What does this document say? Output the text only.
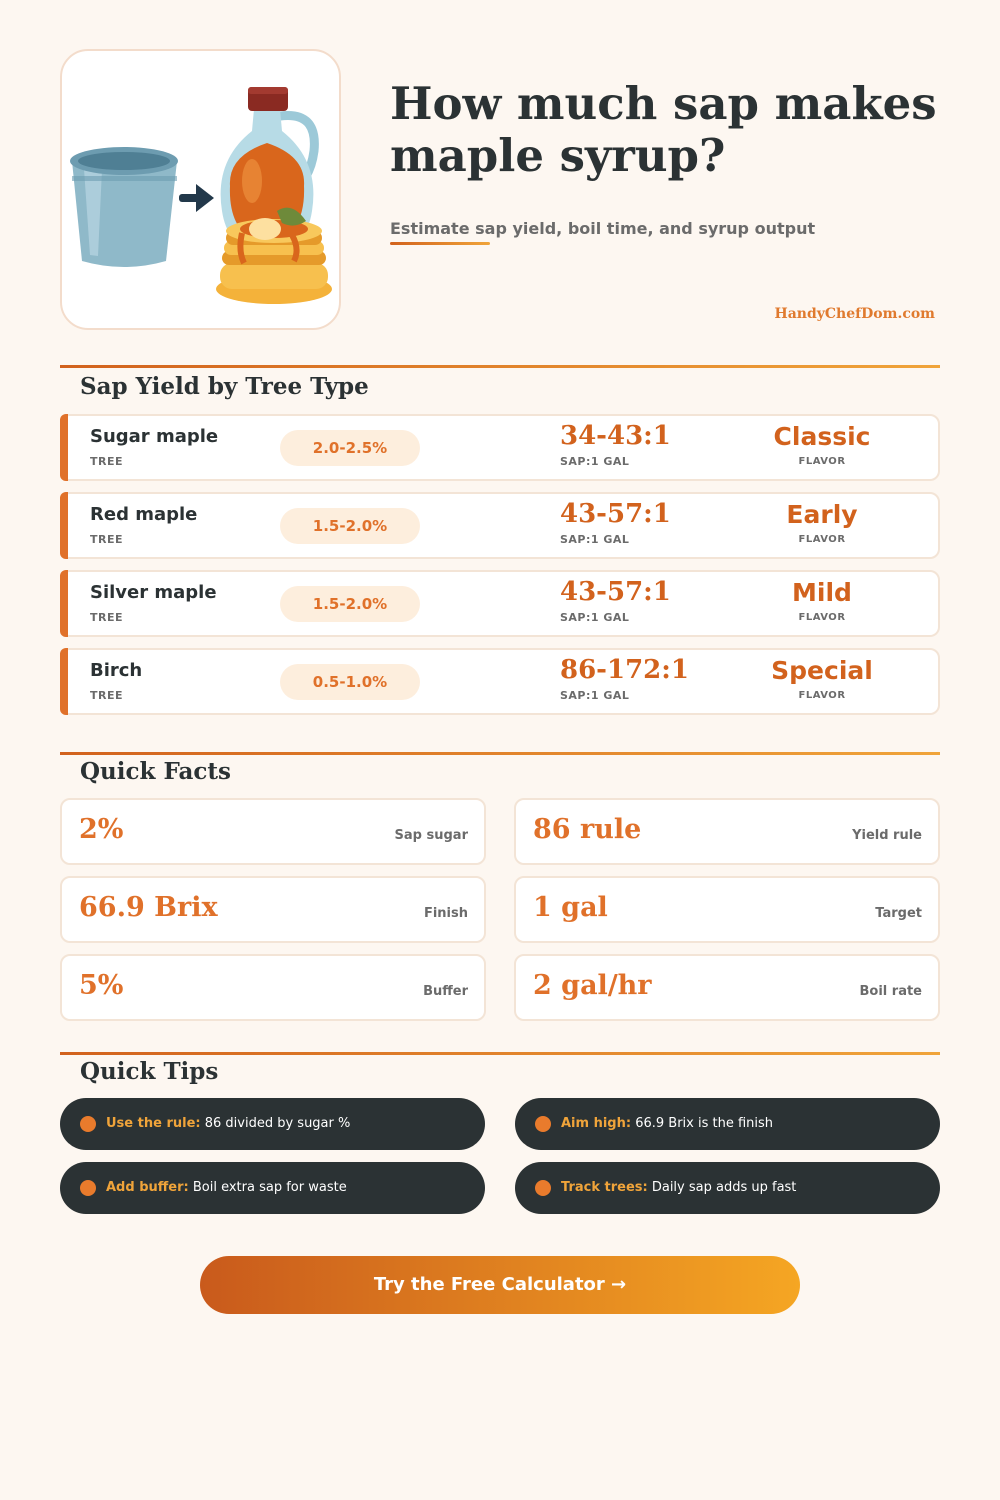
How much sap makes maple syrup?
Estimate sap yield, boil time, and syrup output
HandyChefDom.com
Sap Yield by Tree Type
Sugar maple
TREE
2.0-2.5%	34-43:1
SAP:1 GAL
Classic
FLAVOR
Red maple
TREE
1.5-2.0%	43-57:1
SAP:1 GAL
Early
FLAVOR
Silver maple
TREE
1.5-2.0%	43-57:1
SAP:1 GAL
Mild
FLAVOR
Birch
TREE
0.5-1.0%	86-172:1
SAP:1 GAL
Special
FLAVOR
Quick Facts
2%	Sap sugar 86 rule	Yield rule
66.9 Brix	Finish 1 gal	Target
5%	Buffer 2 gal/hr	Boil rate
Quick Tips
Use the rule: 86 divided by sugar %	Aim high: 66.9 Brix is the finish
Add buffer: Boil extra sap for waste	Track trees: Daily sap adds up fast
Try the Free Calculator →
